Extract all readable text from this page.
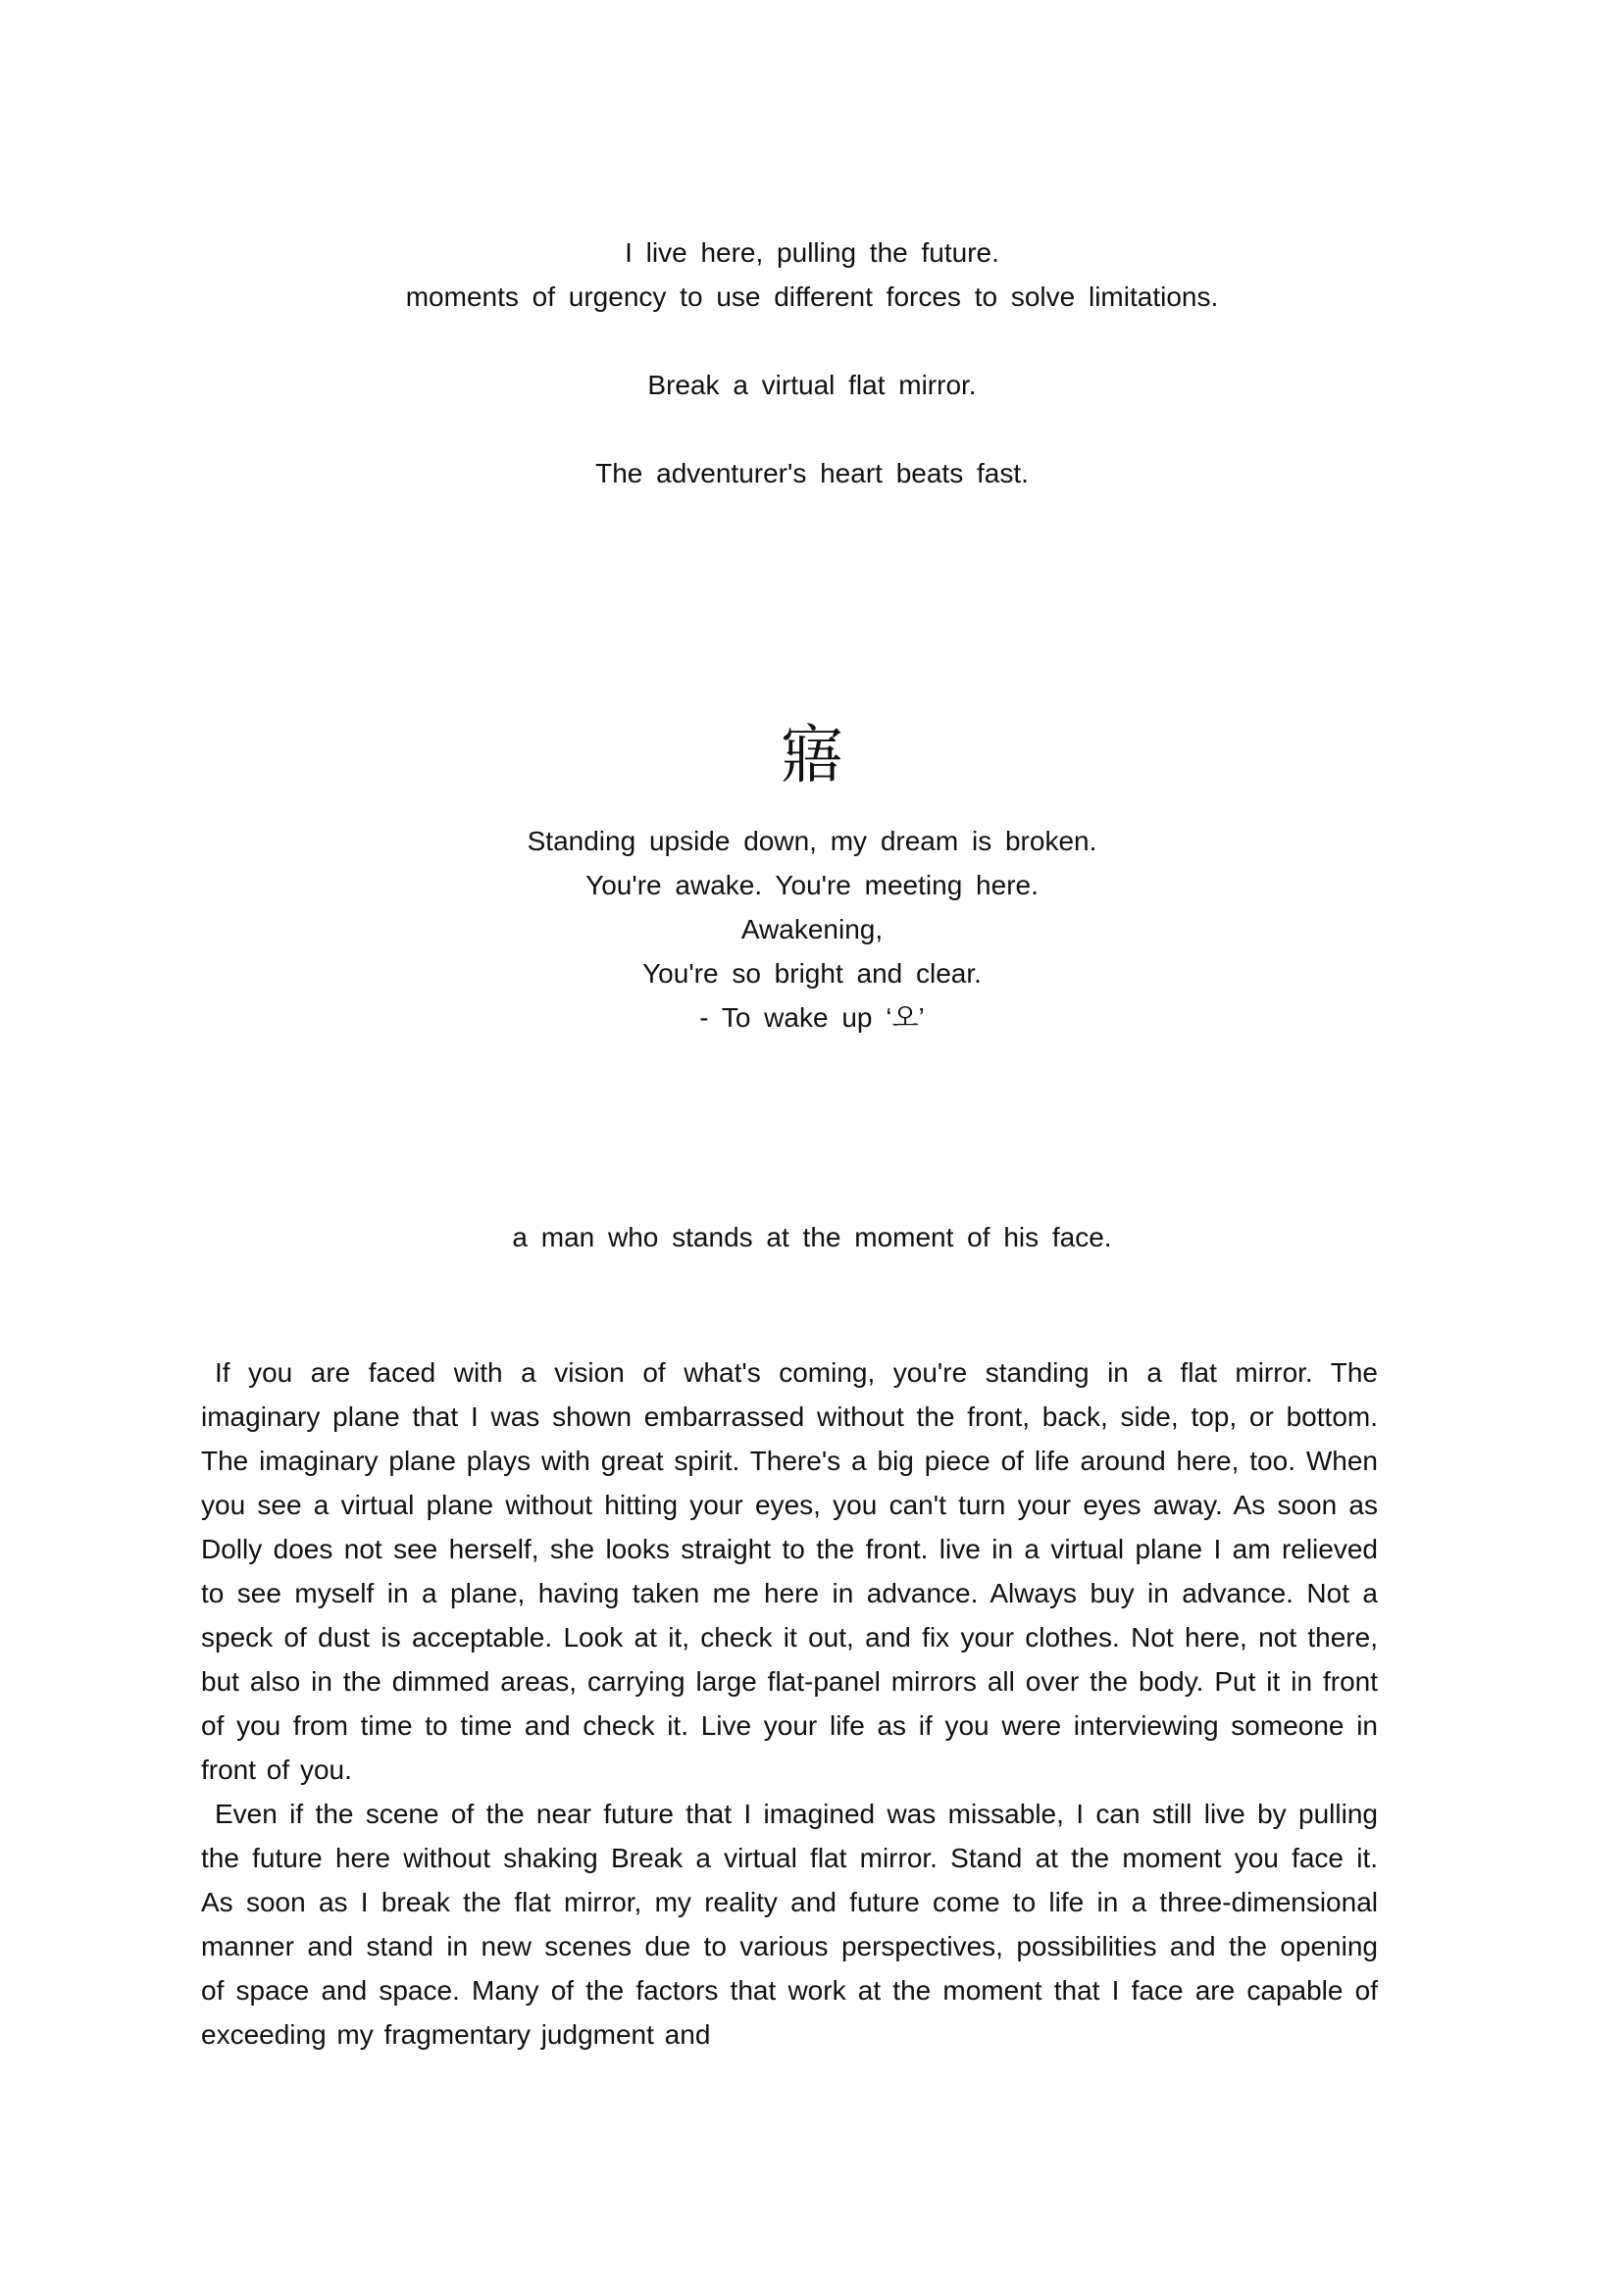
I live here, pulling the future.
moments of urgency to use different forces to solve limitations.
Break a virtual flat mirror.
The adventurer's heart beats fast.
寤
Standing upside down, my dream is broken.
You're awake. You're meeting here.
Awakening,
You're so bright and clear.
- To wake up ‘오’
a man who stands at the moment of his face.

If you are faced with a vision of what's coming, you're standing in a flat mirror. The imaginary plane that I was shown embarrassed without the front, back, side, top, or bottom. The imaginary plane plays with great spirit. There's a big piece of life around here, too. When you see a virtual plane without hitting your eyes, you can't turn your eyes away. As soon as Dolly does not see herself, she looks straight to the front. live in a virtual plane I am relieved to see myself in a plane, having taken me here in advance. Always buy in advance. Not a speck of dust is acceptable. Look at it, check it out, and fix your clothes. Not here, not there, but also in the dimmed areas, carrying large flat-panel mirrors all over the body. Put it in front of you from time to time and check it. Live your life as if you were interviewing someone in front of you.

Even if the scene of the near future that I imagined was missable, I can still live by pulling the future here without shaking Break a virtual flat mirror. Stand at the moment you face it. As soon as I break the flat mirror, my reality and future come to life in a three-dimensional manner and stand in new scenes due to various perspectives, possibilities and the opening of space and space. Many of the factors that work at the moment that I face are capable of exceeding my fragmentary judgment and
